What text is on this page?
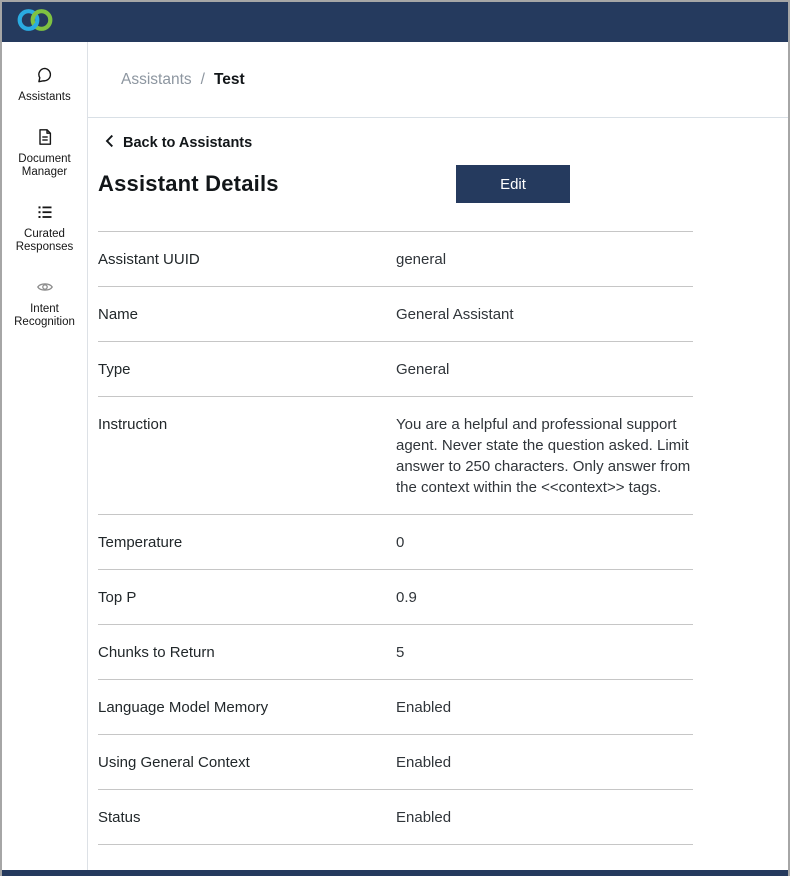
Assistants
Document Manager
Curated Responses
Intent Recognition
Assistants / Test
Back to Assistants
Assistant Details	Edit
Assistant UUID	general
Name	General Assistant
Type	General
Instruction	You are a helpful and professional support agent. Never state the question asked. Limit answer to 250 characters. Only answer from the context within the <<context>> tags.
Temperature	0
Top P	0.9
Chunks to Return	5
Language Model Memory	Enabled
Using General Context	Enabled
Status	Enabled
